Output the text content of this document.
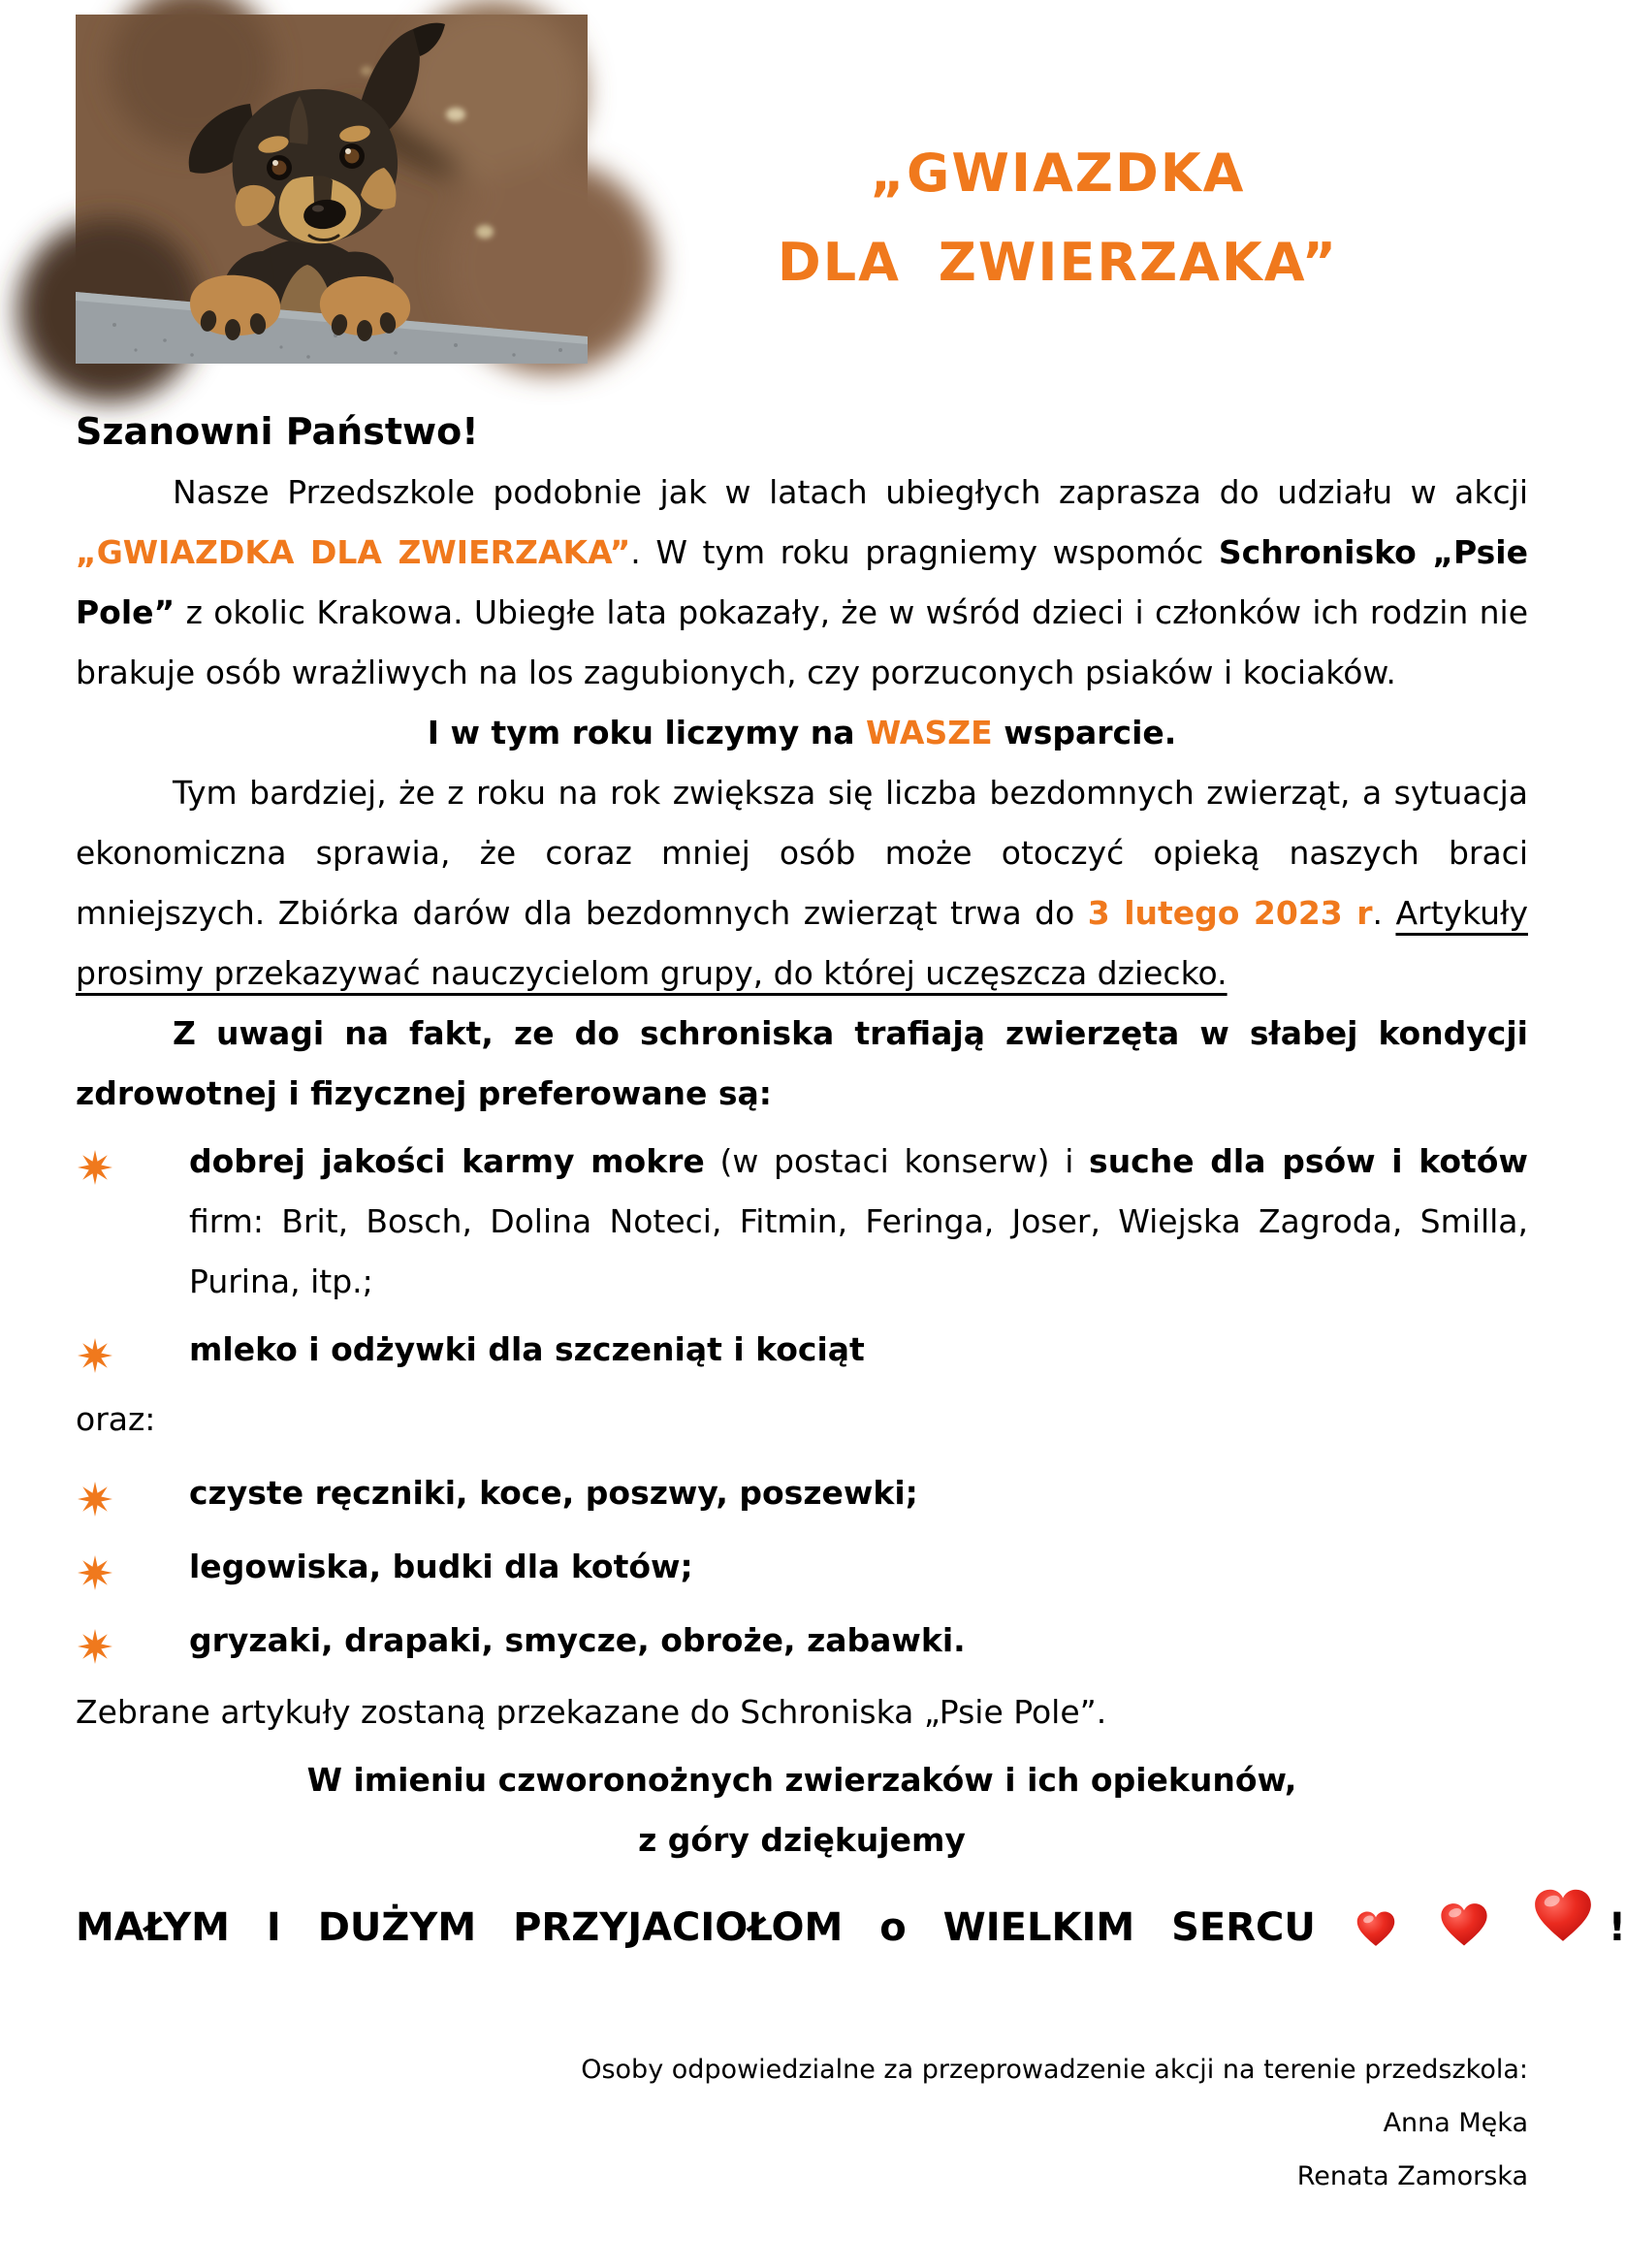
„GWIAZDKA
DLA ZWIERZAKA”

Szanowni Państwo!

Nasze Przedszkole podobnie jak w latach ubiegłych zaprasza do udziału w akcji „GWIAZDKA DLA ZWIERZAKA”. W tym roku pragniemy wspomóc Schronisko „Psie Pole” z okolic Krakowa. Ubiegłe lata pokazały, że w wśród dzieci i członków ich rodzin nie brakuje osób wrażliwych na los zagubionych, czy porzuconych psiaków i kociaków.

I w tym roku liczymy na WASZE wsparcie.

Tym bardziej, że z roku na rok zwiększa się liczba bezdomnych zwierząt, a sytuacja ekonomiczna sprawia, że coraz mniej osób może otoczyć opieką naszych braci mniejszych. Zbiórka darów dla bezdomnych zwierząt trwa do 3 lutego 2023 r. Artykuły prosimy przekazywać nauczycielom grupy, do której uczęszcza dziecko.

Z uwagi na fakt, ze do schroniska trafiają zwierzęta w słabej kondycji zdrowotnej i fizycznej preferowane są:

dobrej jakości karmy mokre (w postaci konserw) i suche dla psów i kotów firm: Brit, Bosch, Dolina Noteci, Fitmin, Feringa, Joser, Wiejska Zagroda, Smilla, Purina, itp.;
mleko i odżywki dla szczeniąt i kociąt

oraz:

czyste ręczniki, koce, poszwy, poszewki;
legowiska, budki dla kotów;
gryzaki, drapaki, smycze, obroże, zabawki.

Zebrane artykuły zostaną przekazane do Schroniska „Psie Pole”.

W imieniu czworonożnych zwierzaków i ich opiekunów,

z góry dziękujemy

MAŁYM I DUŻYM PRZYJACIOŁOM o WIELKIM SERCU	!

Osoby odpowiedzialne za przeprowadzenie akcji na terenie przedszkola:

Anna Męka

Renata Zamorska
